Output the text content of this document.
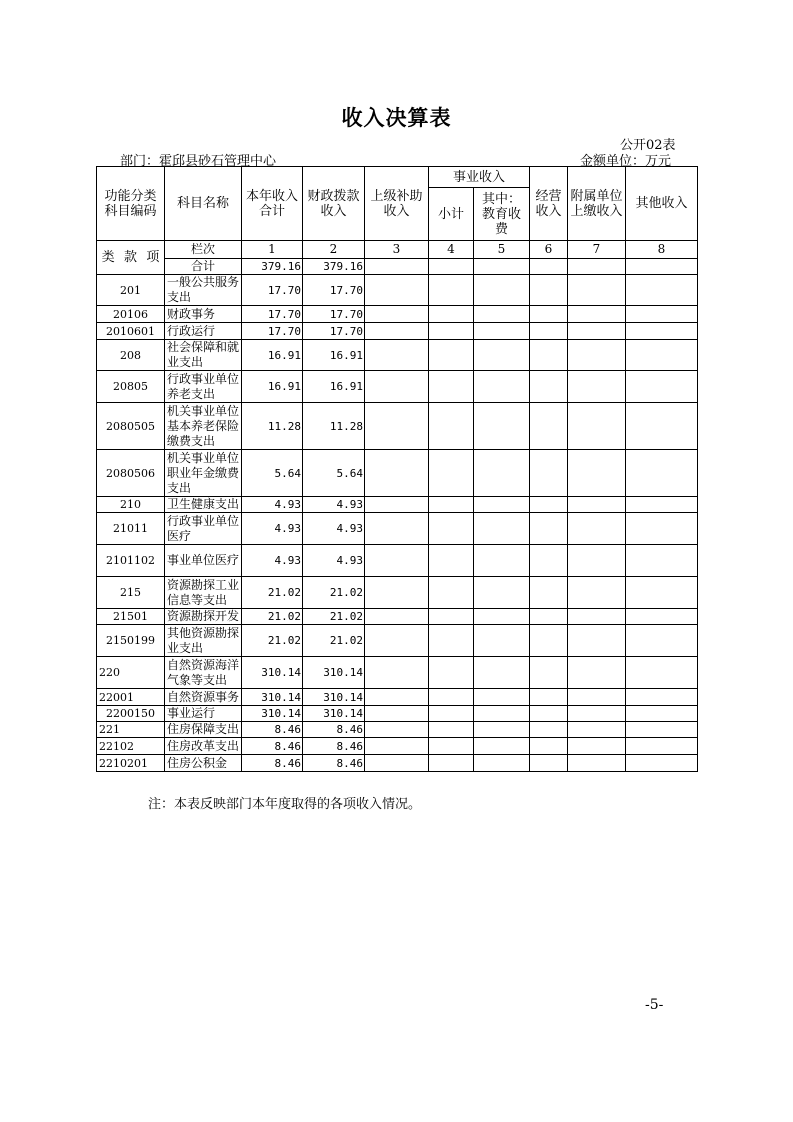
收入决算表
公开02表
部门：霍邱县砂石管理中心	金额单位：万元
功能分类科目编码	科目名称	本年收入合计	财政拨款收入	上级补助收入	事业收入		经营收入	附属单位上缴收入	其他收入
					小计	其中：教育收费			

类 款 项	栏次	1	2	3	4	5	6	7	8
	合计	379.16	379.16						
201	一般公共服务支出	17.70	17.70						
20106	财政事务	17.70	17.70						
2010601	行政运行	17.70	17.70						
208	社会保障和就业支出	16.91	16.91						
20805	行政事业单位养老支出	16.91	16.91						
2080505	机关事业单位基本养老保险缴费支出	11.28	11.28						
2080506	机关事业单位职业年金缴费支出	5.64	5.64						
210	卫生健康支出	4.93	4.93						
21011	行政事业单位医疗	4.93	4.93						
2101102	事业单位医疗	4.93	4.93						
215	资源勘探工业信息等支出	21.02	21.02						
21501	资源勘探开发	21.02	21.02						
2150199	其他资源勘探业支出	21.02	21.02						
220	自然资源海洋气象等支出	310.14	310.14						
22001	自然资源事务	310.14	310.14						
2200150	事业运行	310.14	310.14						
221	住房保障支出	8.46	8.46						
22102	住房改革支出	8.46	8.46						
2210201	住房公积金	8.46	8.46						
注：本表反映部门本年度取得的各项收入情况。
-5-
